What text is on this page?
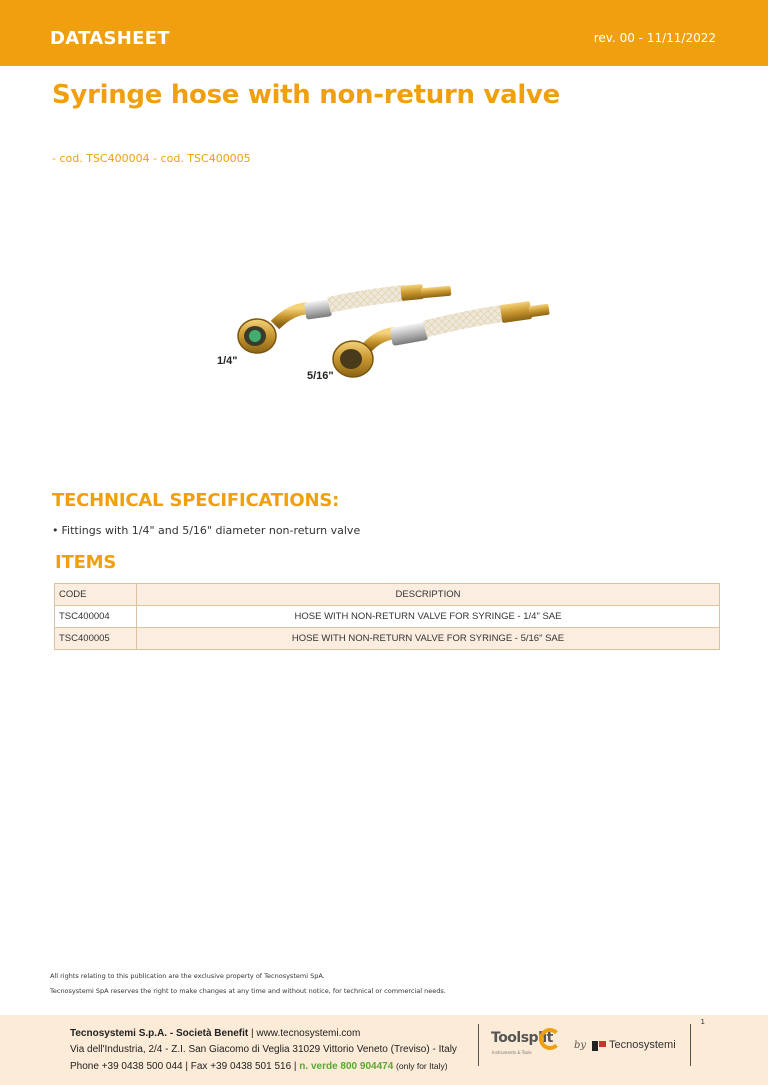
DATASHEET	rev. 00 - 11/11/2022
Syringe hose with non-return valve
- cod. TSC400004 - cod. TSC400005
1/4"
5/16"
TECHNICAL SPECIFICATIONS:
• Fittings with 1/4" and 5/16" diameter non-return valve
ITEMS
CODE	DESCRIPTION
TSC400004	HOSE WITH NON-RETURN VALVE FOR SYRINGE - 1/4" SAE
TSC400005	HOSE WITH NON-RETURN VALVE FOR SYRINGE - 5/16" SAE
All rights relating to this publication are the exclusive property of Tecnosystemi SpA.
Tecnosystemi SpA reserves the right to make changes at any time and without notice, for technical or commercial needs.
1
Tecnosystemi S.p.A. - Società Benefit | www.tecnosystemi.com
Via dell'Industria, 2/4 - Z.I. San Giacomo di Veglia 31029 Vittorio Veneto (Treviso) - Italy
Phone +39 0438 500 044 | Fax +39 0438 501 516 | n. verde 800 904474 (only for Italy)
Toolsplit
Instruments & Tools
by Tecnosystemi
